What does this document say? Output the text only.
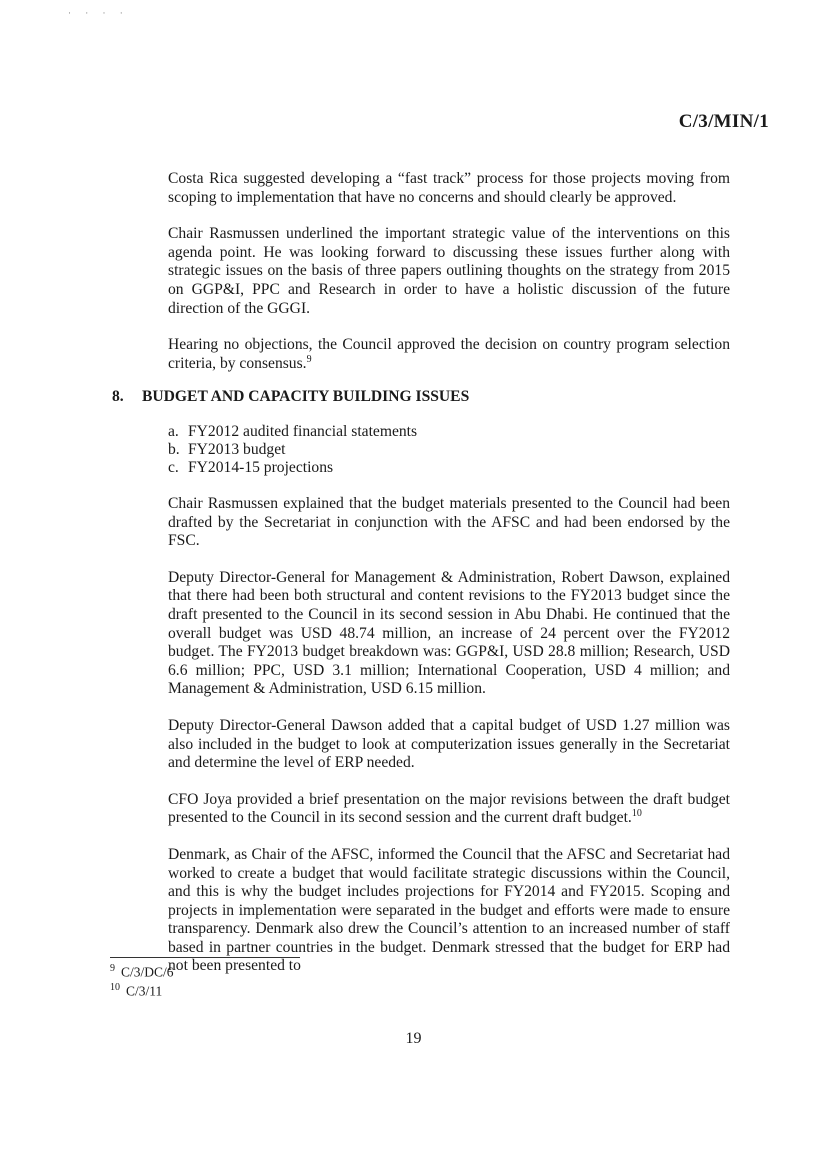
· · · ·
C/3/MIN/1

Costa Rica suggested developing a “fast track” process for those projects moving from scoping to implementation that have no concerns and should clearly be approved.

Chair Rasmussen underlined the important strategic value of the interventions on this agenda point. He was looking forward to discussing these issues further along with strategic issues on the basis of three papers outlining thoughts on the strategy from 2015 on GGP&I, PPC and Research in order to have a holistic discussion of the future direction of the GGGI.

Hearing no objections, the Council approved the decision on country program selection criteria, by consensus.$^9$

8. BUDGET AND CAPACITY BUILDING ISSUES
a. FY2012 audited financial statements
b. FY2013 budget
c. FY2014-15 projections

Chair Rasmussen explained that the budget materials presented to the Council had been drafted by the Secretariat in conjunction with the AFSC and had been endorsed by the FSC.

Deputy Director-General for Management & Administration, Robert Dawson, explained that there had been both structural and content revisions to the FY2013 budget since the draft presented to the Council in its second session in Abu Dhabi. He continued that the overall budget was USD 48.74 million, an increase of 24 percent over the FY2012 budget. The FY2013 budget breakdown was: GGP&I, USD 28.8 million; Research, USD 6.6 million; PPC, USD 3.1 million; International Cooperation, USD 4 million; and Management & Administration, USD 6.15 million.

Deputy Director-General Dawson added that a capital budget of USD 1.27 million was also included in the budget to look at computerization issues generally in the Secretariat and determine the level of ERP needed.

CFO Joya provided a brief presentation on the major revisions between the draft budget presented to the Council in its second session and the current draft budget.$^{10}$

Denmark, as Chair of the AFSC, informed the Council that the AFSC and Secretariat had worked to create a budget that would facilitate strategic discussions within the Council, and this is why the budget includes projections for FY2014 and FY2015. Scoping and projects in implementation were separated in the budget and efforts were made to ensure transparency. Denmark also drew the Council’s attention to an increased number of staff based in partner countries in the budget. Denmark stressed that the budget for ERP had not been presented to

$^9$ C/3/DC/6
$^{10}$ C/3/11
19
